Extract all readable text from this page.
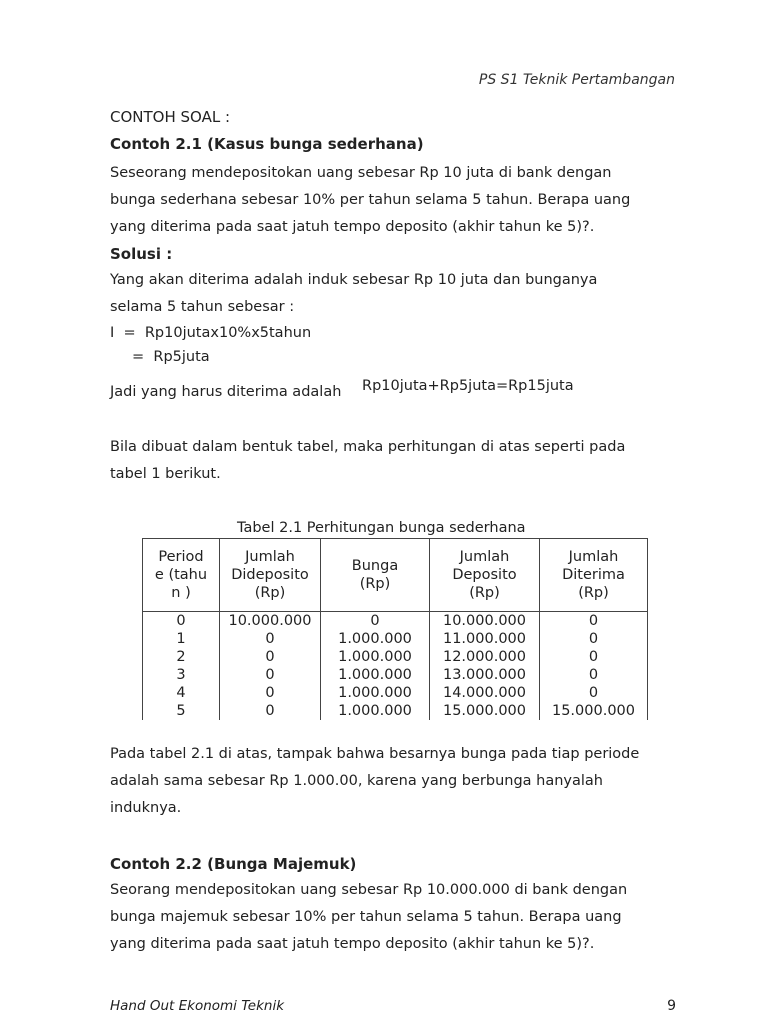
PS S1 Teknik Pertambangan
CONTOH SOAL :
Contoh 2.1 (Kasus bunga sederhana)
Seseorang mendepositokan uang sebesar Rp 10 juta di bank dengan
bunga sederhana sebesar 10% per tahun selama 5 tahun. Berapa uang
yang diterima pada saat jatuh tempo deposito (akhir tahun ke 5)?.
Solusi :
Yang akan diterima adalah induk sebesar Rp 10 juta dan bunganya
selama 5 tahun sebesar :
I  =  Rp10jutax10%x5tahun
=  Rp5juta
Jadi yang harus diterima adalah Rp10juta+Rp5juta=Rp15juta
Bila dibuat dalam bentuk tabel, maka perhitungan di atas seperti pada
tabel 1 berikut.
Tabel 2.1 Perhitungan bunga sederhana
Period e (tahun )	Jumlah Dideposito (Rp)	Bunga (Rp)	Jumlah Deposito (Rp)	Jumlah Diterima (Rp)

0	10.000.000	0	10.000.000	0
1	0	1.000.000	11.000.000	0
2	0	1.000.000	12.000.000	0
3	0	1.000.000	13.000.000	0
4	0	1.000.000	14.000.000	0
5	0	1.000.000	15.000.000	15.000.000
Pada tabel 2.1 di atas, tampak bahwa besarnya bunga pada tiap periode
adalah sama sebesar Rp 1.000.00, karena yang berbunga hanyalah
induknya.
Contoh 2.2 (Bunga Majemuk)
Seorang mendepositokan uang sebesar Rp 10.000.000 di bank dengan
bunga majemuk sebesar 10% per tahun selama 5 tahun. Berapa uang
yang diterima pada saat jatuh tempo deposito (akhir tahun ke 5)?.
Hand Out Ekonomi Teknik	9
